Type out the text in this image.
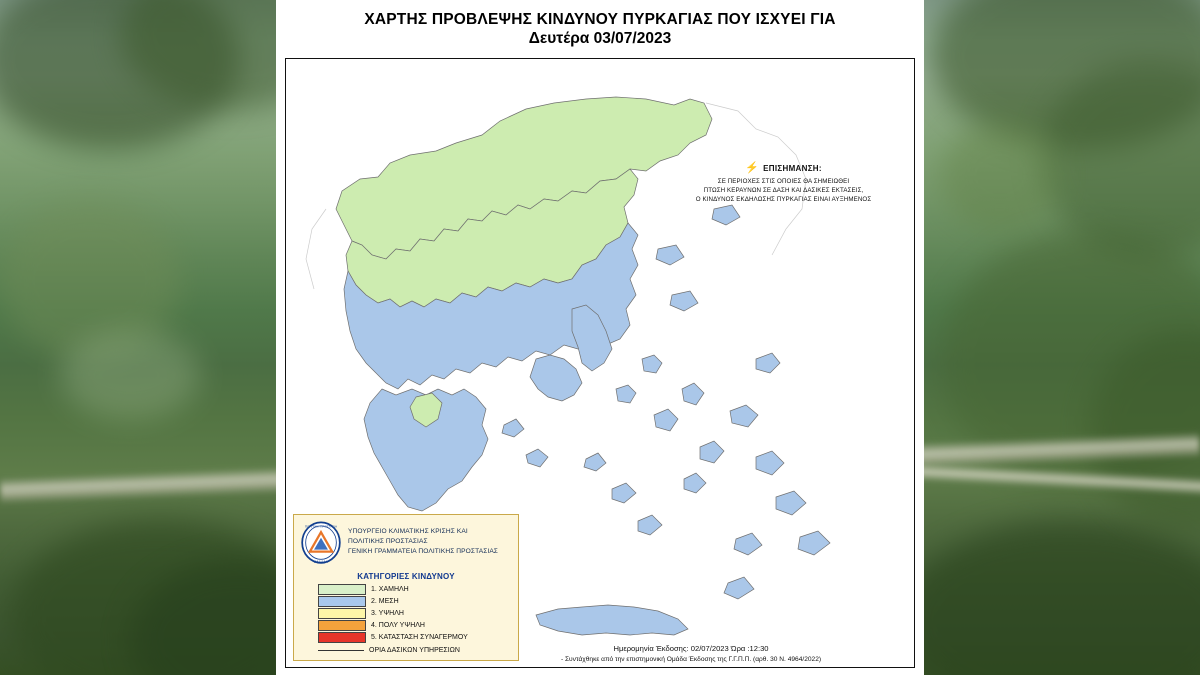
ΧΑΡΤΗΣ ΠΡΟΒΛΕΨΗΣ ΚΙΝΔΥΝΟΥ ΠΥΡΚΑΓΙΑΣ ΠΟΥ ΙΣΧΥΕΙ ΓΙΑ
Δευτέρα 03/07/2023
⚡ ΕΠΙΣΗΜΑΝΣΗ:
ΣΕ ΠΕΡΙΟΧΕΣ ΣΤΙΣ ΟΠΟΙΕΣ ΘΑ ΣΗΜΕΙΩΘΕΙ
ΠΤΩΣΗ ΚΕΡΑΥΝΩΝ ΣΕ ΔΑΣΗ ΚΑΙ ΔΑΣΙΚΕΣ ΕΚΤΑΣΕΙΣ,
Ο ΚΙΝΔΥΝΟΣ ΕΚΔΗΛΩΣΗΣ ΠΥΡΚΑΓΙΑΣ ΕΙΝΑΙ ΑΥΞΗΜΕΝΟΣ
ΠΟΛΙΤΙΚΗ ΠΡΟΣΤΑΣΙΑ
ΕΛΛΑΔΑ
ΥΠΟΥΡΓΕΙΟ ΚΛΙΜΑΤΙΚΗΣ ΚΡΙΣΗΣ ΚΑΙ
ΠΟΛΙΤΙΚΗΣ ΠΡΟΣΤΑΣΙΑΣ
ΓΕΝΙΚΗ ΓΡΑΜΜΑΤΕΙΑ ΠΟΛΙΤΙΚΗΣ ΠΡΟΣΤΑΣΙΑΣ
ΚΑΤΗΓΟΡΙΕΣ ΚΙΝΔΥΝΟΥ
1. ΧΑΜΗΛΗ
2. ΜΕΣΗ
3. ΥΨΗΛΗ
4. ΠΟΛΥ ΥΨΗΛΗ
5. ΚΑΤΑΣΤΑΣΗ ΣΥΝΑΓΕΡΜΟΥ
ΟΡΙΑ ΔΑΣΙΚΩΝ ΥΠΗΡΕΣΙΩΝ	Ημερομηνία Έκδοσης: 02/07/2023 Ώρα :12:30
- Συντάχθηκε από την επιστημονική Ομάδα Έκδοσης της Γ.Γ.Π.Π. (αρθ. 30 Ν. 4964/2022)
